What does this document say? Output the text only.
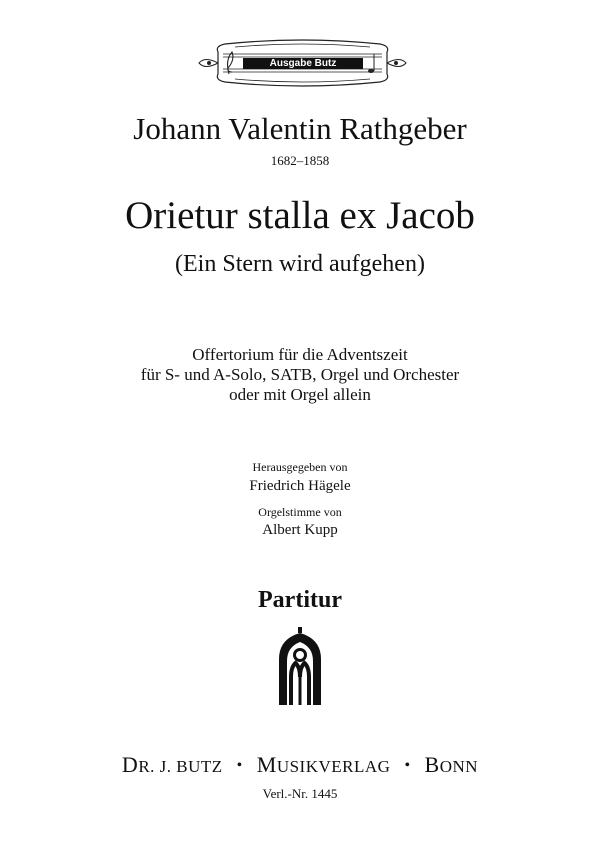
Ausgabe Butz
Johann Valentin Rathgeber
1682–1858
Orietur stalla ex Jacob
(Ein Stern wird aufgehen)
Offertorium für die Adventszeit
für S- und A-Solo, SATB, Orgel und Orchester
oder mit Orgel allein
Herausgegeben von
Friedrich Hägele
Orgelstimme von
Albert Kupp
Partitur
DR. J. BUTZ • MUSIKVERLAG • BONN
Verl.-Nr. 1445
